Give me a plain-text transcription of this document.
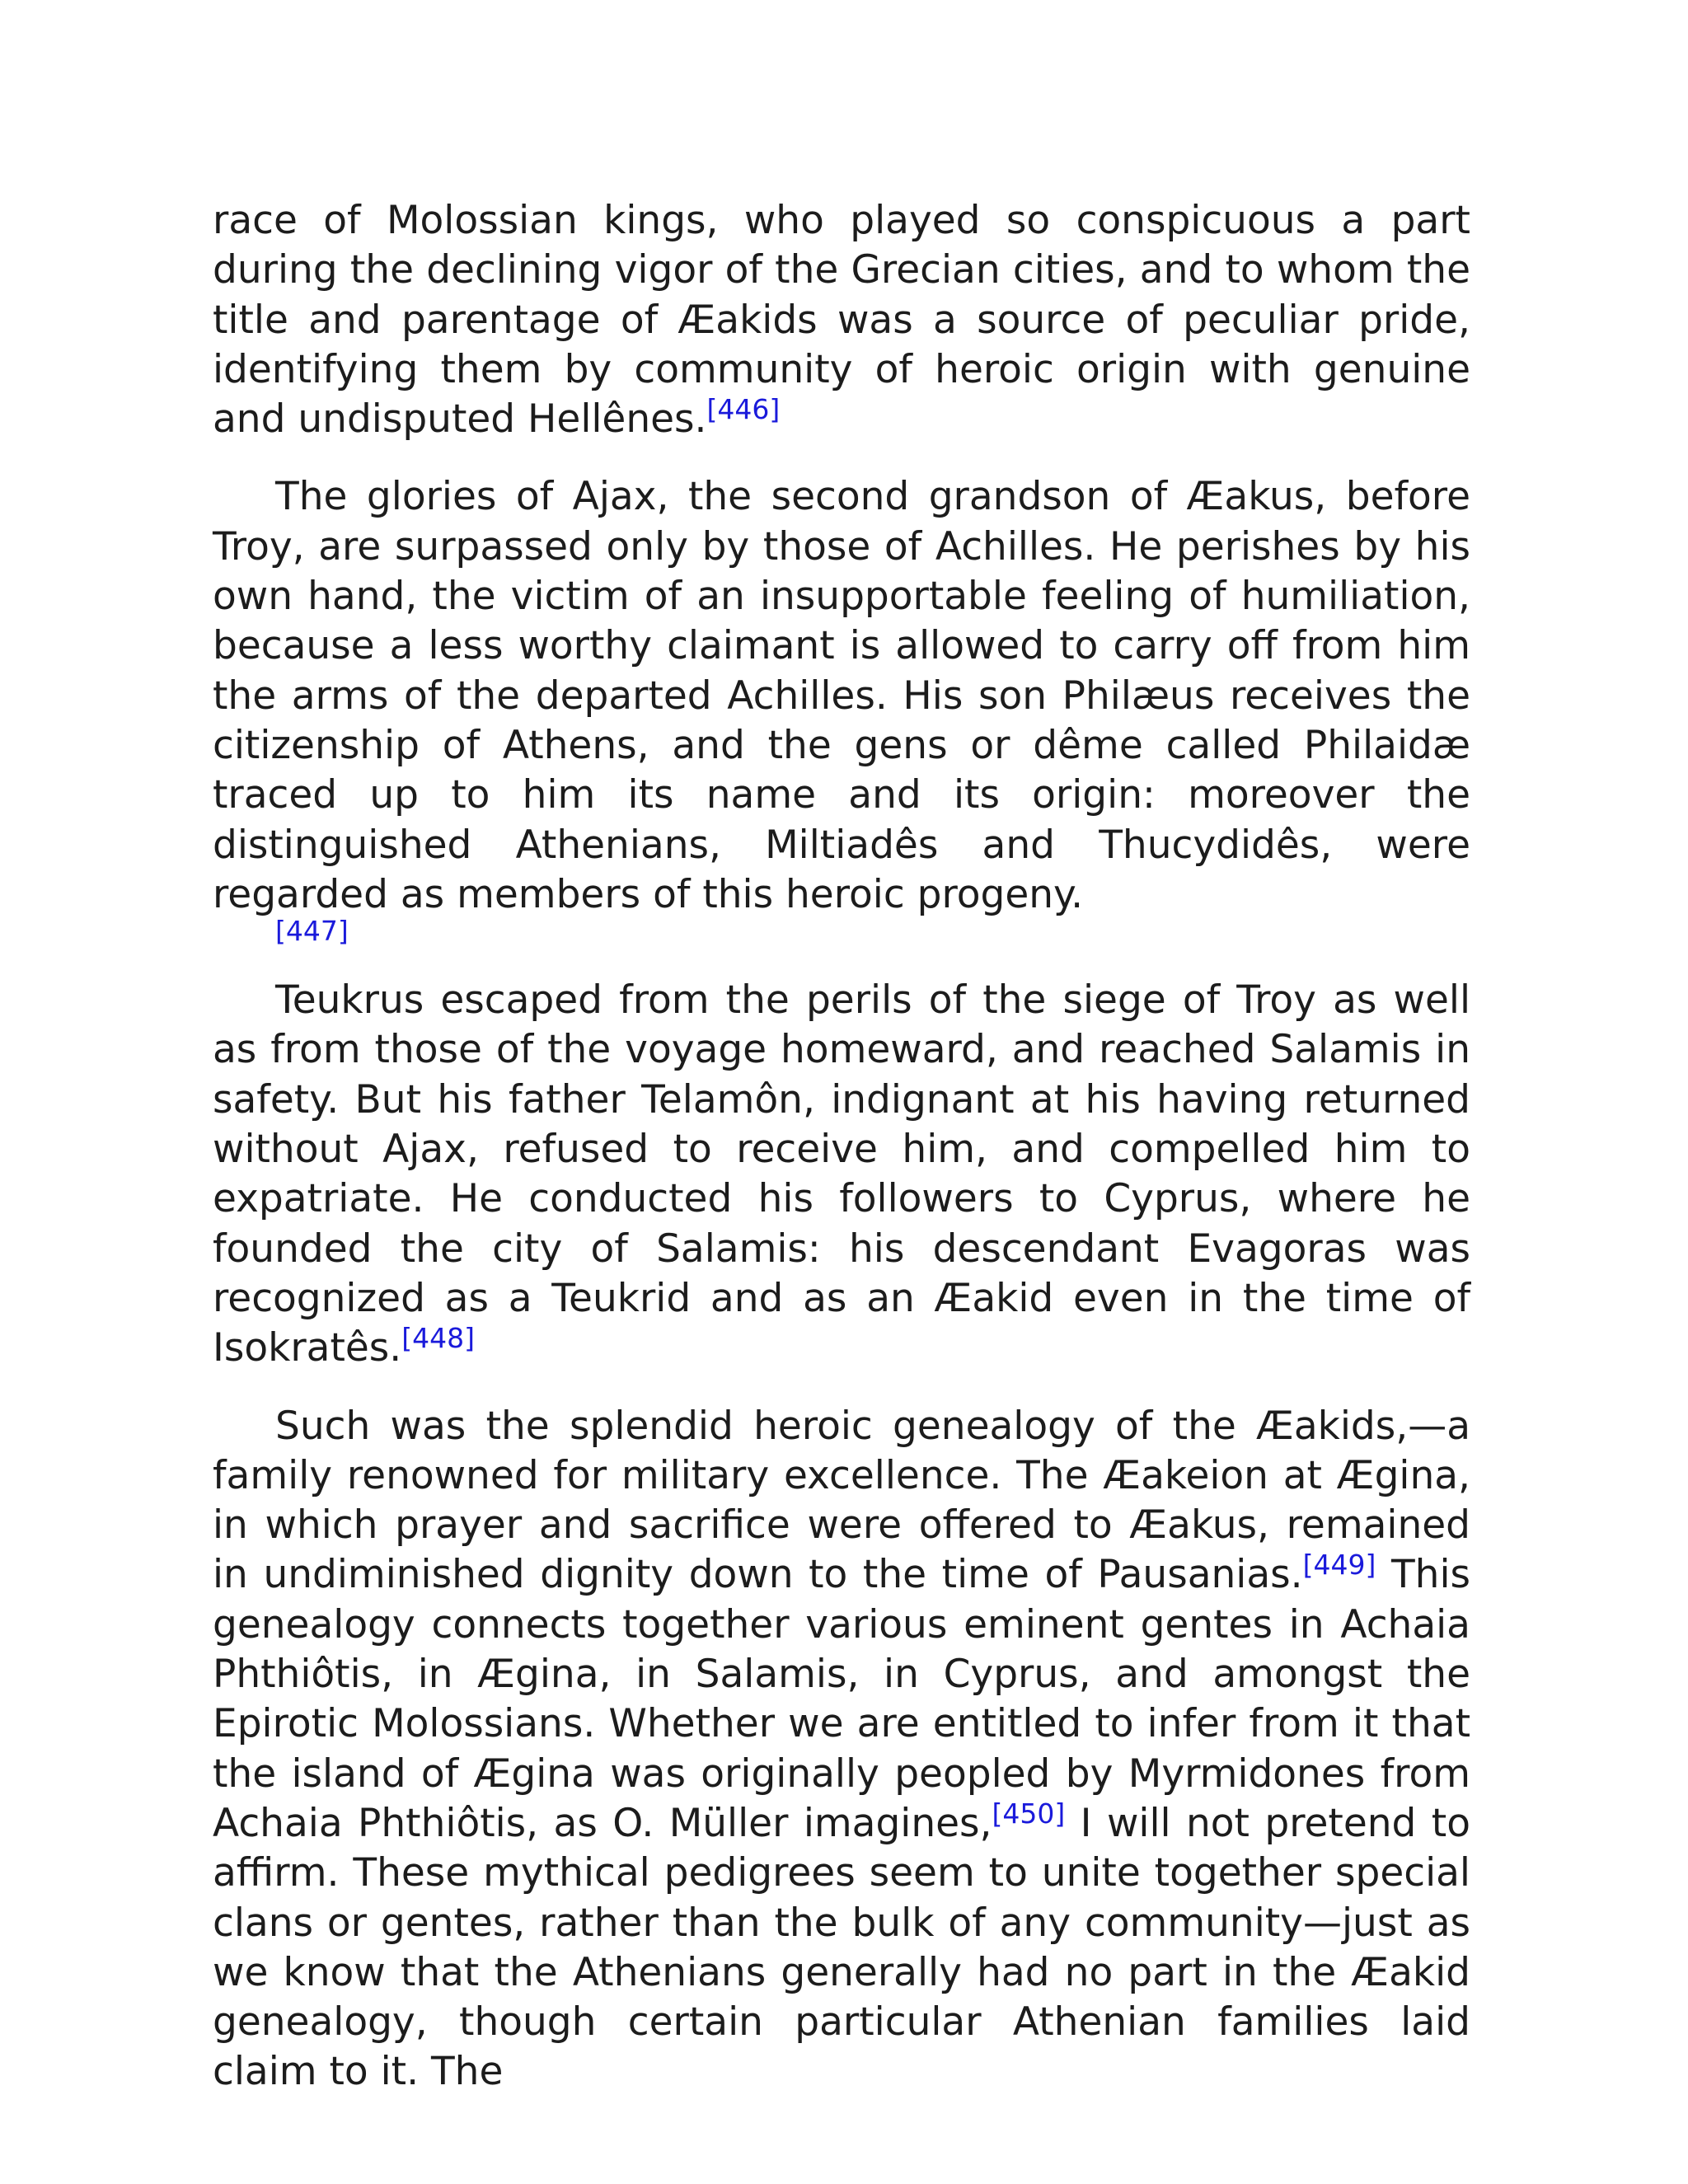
race of Molossian kings, who played so conspicuous a part during the declining vigor of the Grecian cities, and to whom the title and parentage of Æakids was a source of peculiar pride, identifying them by community of heroic origin with genuine and undisputed Hellênes.[446]

The glories of Ajax, the second grandson of Æakus, before Troy, are surpassed only by those of Achilles. He perishes by his own hand, the victim of an insupportable feeling of humiliation, because a less worthy claimant is allowed to carry off from him the arms of the departed Achilles. His son Philæus receives the citizenship of Athens, and the gens or dême called Philaidæ traced up to him its name and its origin: moreover the distinguished Athenians, Miltiadês and Thucydidês, were regarded as members of this heroic progeny.
[447]

Teukrus escaped from the perils of the siege of Troy as well as from those of the voyage homeward, and reached Salamis in safety. But his father Telamôn, indignant at his having returned without Ajax, refused to receive him, and compelled him to expatriate. He conducted his followers to Cyprus, where he founded the city of Salamis: his descendant Evagoras was recognized as a Teukrid and as an Æakid even in the time of Isokratês.[448]

Such was the splendid heroic genealogy of the Æakids,—a family renowned for military excellence. The Æakeion at Ægina, in which prayer and sacrifice were offered to Æakus, remained in undiminished dignity down to the time of Pausanias.[449] This genealogy connects together various eminent gentes in Achaia Phthiôtis, in Ægina, in Salamis, in Cyprus, and amongst the Epirotic Molossians. Whether we are entitled to infer from it that the island of Ægina was originally peopled by Myrmidones from Achaia Phthiôtis, as O. Müller imagines,[450] I will not pretend to affirm. These mythical pedigrees seem to unite together special clans or gentes, rather than the bulk of any community—just as we know that the Athenians generally had no part in the Æakid genealogy, though certain particular Athenian families laid claim to it. The
